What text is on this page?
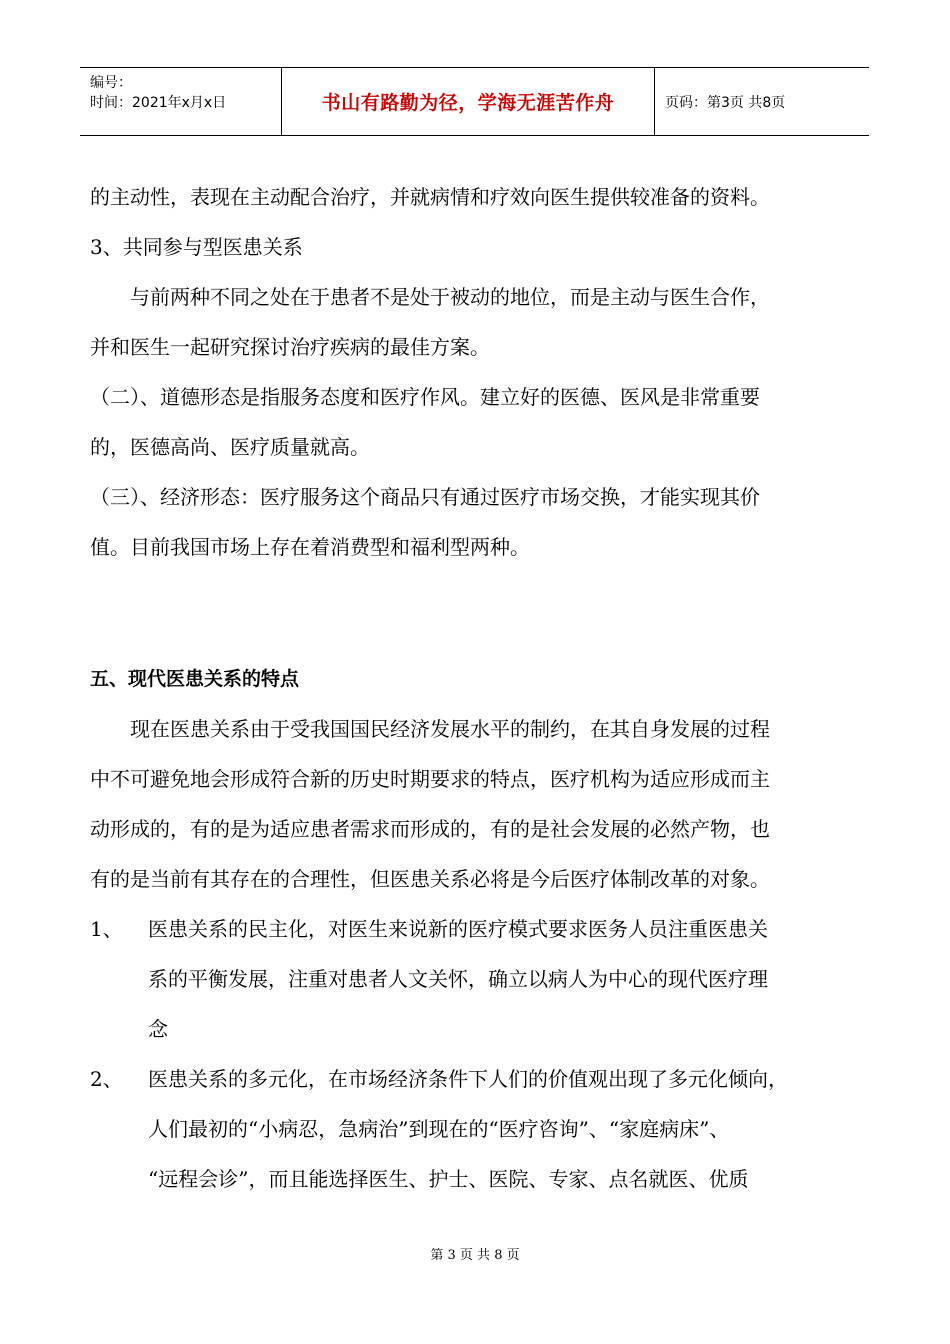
编号：
时间：2021年x月x日	书山有路勤为径，学海无涯苦作舟	页码：第3页 共8页
的主动性，表现在主动配合治疗，并就病情和疗效向医生提供较准备的资料。
3、共同参与型医患关系
与前两种不同之处在于患者不是处于被动的地位，而是主动与医生合作，
并和医生一起研究探讨治疗疾病的最佳方案。
（二）、道德形态是指服务态度和医疗作风。建立好的医德、医风是非常重要
的，医德高尚、医疗质量就高。
（三）、经济形态：医疗服务这个商品只有通过医疗市场交换，才能实现其价
值。目前我国市场上存在着消费型和福利型两种。
五、现代医患关系的特点
现在医患关系由于受我国国民经济发展水平的制约，在其自身发展的过程
中不可避免地会形成符合新的历史时期要求的特点，医疗机构为适应形成而主
动形成的，有的是为适应患者需求而形成的，有的是社会发展的必然产物，也
有的是当前有其存在的合理性，但医患关系必将是今后医疗体制改革的对象。
1、 医患关系的民主化，对医生来说新的医疗模式要求医务人员注重医患关
系的平衡发展，注重对患者人文关怀，确立以病人为中心的现代医疗理
念
2、 医患关系的多元化，在市场经济条件下人们的价值观出现了多元化倾向，
人们最初的“小病忍，急病治”到现在的“医疗咨询”、“家庭病床”、
“远程会诊”，而且能选择医生、护士、医院、专家、点名就医、优质
第 3 页 共 8 页
